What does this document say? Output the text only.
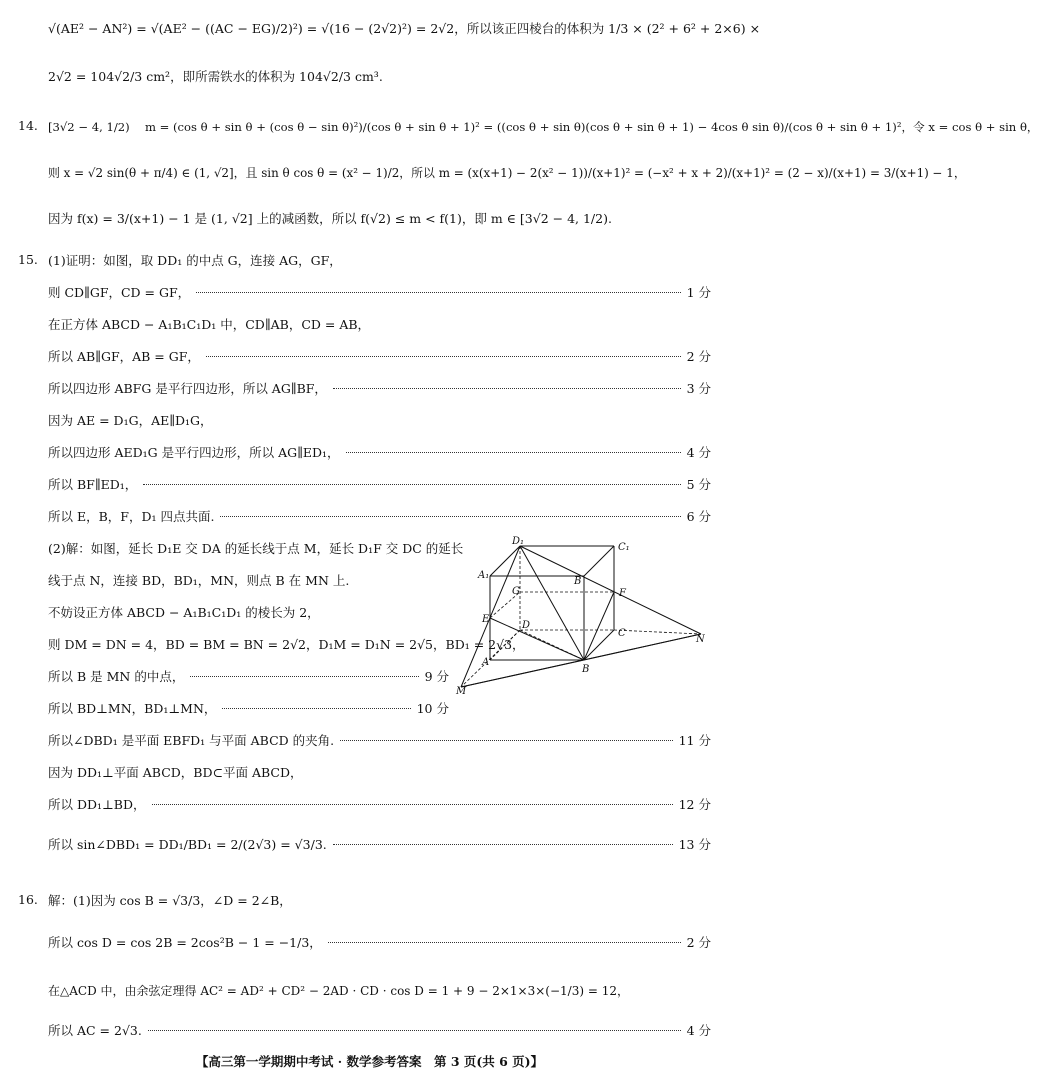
√(AE² − AN²) = √(AE² − ((AC − EG)/2)²) = √(16 − (2√2)²) = 2√2，所以该正四棱台的体积为 1/3 × (2² + 6² + 2×6) ×
2√2 = 104√2/3 cm²，即所需铁水的体积为 104√2/3 cm³.
14. [3√2 − 4, 1/2)　 m = (cos θ + sin θ + (cos θ − sin θ)²)/(cos θ + sin θ + 1)² = ((cos θ + sin θ)(cos θ + sin θ + 1) − 4cos θ sin θ)/(cos θ + sin θ + 1)²，令 x = cos θ + sin θ，
则 x = √2 sin(θ + π/4) ∈ (1, √2]，且 sin θ cos θ = (x² − 1)/2，所以 m = (x(x+1) − 2(x² − 1))/(x+1)² = (−x² + x + 2)/(x+1)² = (2 − x)/(x+1) = 3/(x+1) − 1，
因为 f(x) = 3/(x+1) − 1 是 (1, √2] 上的减函数，所以 f(√2) ≤ m < f(1)，即 m ∈ [3√2 − 4, 1/2).
15. (1)证明：如图，取 DD₁ 的中点 G，连接 AG，GF，
则 CD∥GF，CD = GF，	1 分
在正方体 ABCD − A₁B₁C₁D₁ 中，CD∥AB，CD = AB，
所以 AB∥GF，AB = GF，	2 分
所以四边形 ABFG 是平行四边形，所以 AG∥BF，	3 分
因为 AE = D₁G，AE∥D₁G，
所以四边形 AED₁G 是平行四边形，所以 AG∥ED₁，	4 分
所以 BF∥ED₁，	5 分
所以 E，B，F，D₁ 四点共面.	6 分
(2)解：如图，延长 D₁E 交 DA 的延长线于点 M，延长 D₁F 交 DC 的延长
线于点 N，连接 BD，BD₁，MN，则点 B 在 MN 上.
不妨设正方体 ABCD − A₁B₁C₁D₁ 的棱长为 2，
则 DM = DN = 4，BD = BM = BN = 2√2，D₁M = D₁N = 2√5，BD₁ = 2√3，
所以 B 是 MN 的中点，	9 分
所以 BD⊥MN，BD₁⊥MN，	10 分
所以∠DBD₁ 是平面 EBFD₁ 与平面 ABCD 的夹角.	11 分
因为 DD₁⊥平面 ABCD，BD⊂平面 ABCD，
所以 DD₁⊥BD，	12 分
所以 sin∠DBD₁ = DD₁/BD₁ = 2/(2√3) = √3/3.	13 分
16. 解：(1)因为 cos B = √3/3，∠D = 2∠B，
所以 cos D = cos 2B = 2cos²B − 1 = −1/3，	2 分
在△ACD 中，由余弦定理得 AC² = AD² + CD² − 2AD · CD · cos D = 1 + 9 − 2×1×3×(−1/3) = 12，
所以 AC = 2√3.	4 分
D₁
C₁
A₁
B
G	F
E
D
C
A
B
M
N
【高三第一学期期中考试 · 数学参考答案　第 3 页(共 6 页)】
